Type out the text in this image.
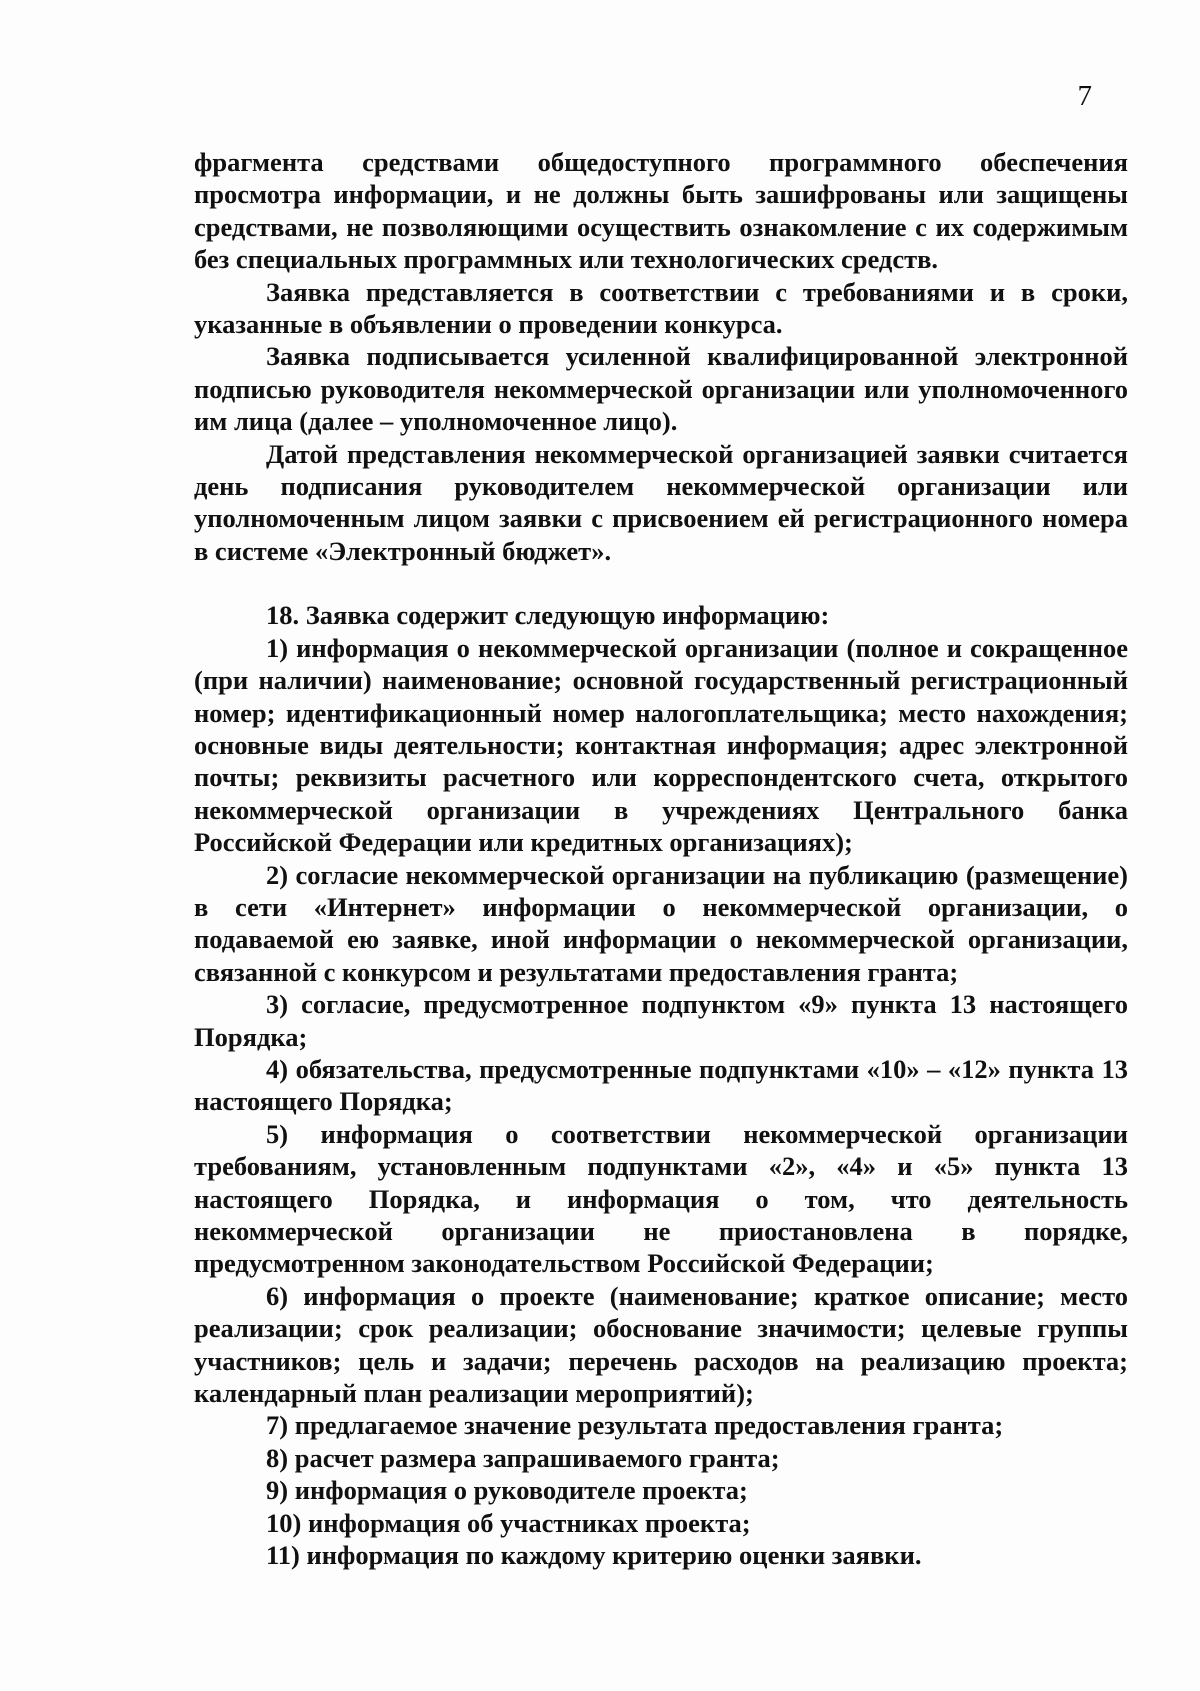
7

фрагмента средствами общедоступного программного обеспечения просмотра информации, и не должны быть зашифрованы или защищены средствами, не позволяющими осуществить ознакомление с их содержимым без специальных программных или технологических средств.

Заявка представляется в соответствии с требованиями и в сроки, указанные в объявлении о проведении конкурса.

Заявка подписывается усиленной квалифицированной электронной подписью руководителя некоммерческой организации или уполномоченного им лица (далее – уполномоченное лицо).

Датой представления некоммерческой организацией заявки считается день подписания руководителем некоммерческой организации или уполномоченным лицом заявки с присвоением ей регистрационного номера в системе «Электронный бюджет».

18. Заявка содержит следующую информацию:

1) информация о некоммерческой организации (полное и сокращенное (при наличии) наименование; основной государственный регистрационный номер; идентификационный номер налогоплательщика; место нахождения; основные виды деятельности; контактная информация; адрес электронной почты; реквизиты расчетного или корреспондентского счета, открытого некоммерческой организации в учреждениях Центрального банка Российской Федерации или кредитных организациях);

2) согласие некоммерческой организации на публикацию (размещение) в сети «Интернет» информации о некоммерческой организации, о подаваемой ею заявке, иной информации о некоммерческой организации, связанной с конкурсом и результатами предоставления гранта;

3) согласие, предусмотренное подпунктом «9» пункта 13 настоящего Порядка;

4) обязательства, предусмотренные подпунктами «10» – «12» пункта 13 настоящего Порядка;

5) информация о соответствии некоммерческой организации требованиям, установленным подпунктами «2», «4» и «5» пункта 13 настоящего Порядка, и информация о том, что деятельность некоммерческой организации не приостановлена в порядке, предусмотренном законодательством Российской Федерации;

6) информация о проекте (наименование; краткое описание; место реализации; срок реализации; обоснование значимости; целевые группы участников; цель и задачи; перечень расходов на реализацию проекта; календарный план реализации мероприятий);

7) предлагаемое значение результата предоставления гранта;

8) расчет размера запрашиваемого гранта;

9) информация о руководителе проекта;

10) информация об участниках проекта;

11) информация по каждому критерию оценки заявки.
